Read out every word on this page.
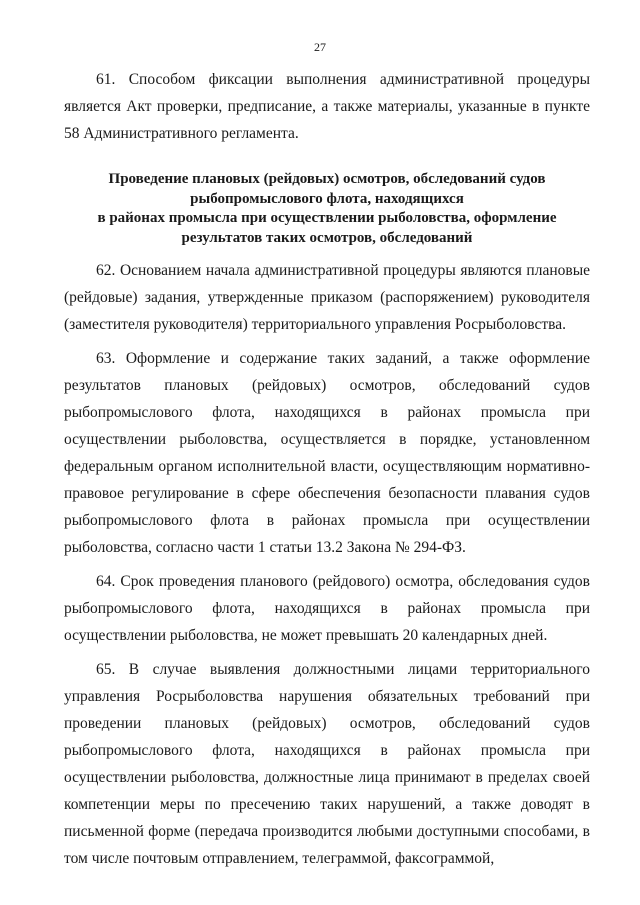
27

61. Способом фиксации выполнения административной процедуры является Акт проверки, предписание, а также материалы, указанные в пункте 58 Административного регламента.

Проведение плановых (рейдовых) осмотров, обследований судов
рыбопромыслового флота, находящихся
в районах промысла при осуществлении рыболовства, оформление
результатов таких осмотров, обследований

62. Основанием начала административной процедуры являются плановые (рейдовые) задания, утвержденные приказом (распоряжением) руководителя (заместителя руководителя) территориального управления Росрыболовства.

63. Оформление и содержание таких заданий, а также оформление результатов плановых (рейдовых) осмотров, обследований судов рыбопромыслового флота, находящихся в районах промысла при осуществлении рыболовства, осуществляется в порядке, установленном федеральным органом исполнительной власти, осуществляющим нормативно-правовое регулирование в сфере обеспечения безопасности плавания судов рыбопромыслового флота в районах промысла при осуществлении рыболовства, согласно части 1 статьи 13.2 Закона № 294-ФЗ.

64. Срок проведения планового (рейдового) осмотра, обследования судов рыбопромыслового флота, находящихся в районах промысла при осуществлении рыболовства, не может превышать 20 календарных дней.

65. В случае выявления должностными лицами территориального управления Росрыболовства нарушения обязательных требований при проведении плановых (рейдовых) осмотров, обследований судов рыбопромыслового флота, находящихся в районах промысла при осуществлении рыболовства, должностные лица принимают в пределах своей компетенции меры по пресечению таких нарушений, а также доводят в письменной форме (передача производится любыми доступными способами, в том числе почтовым отправлением, телеграммой, факсограммой,
